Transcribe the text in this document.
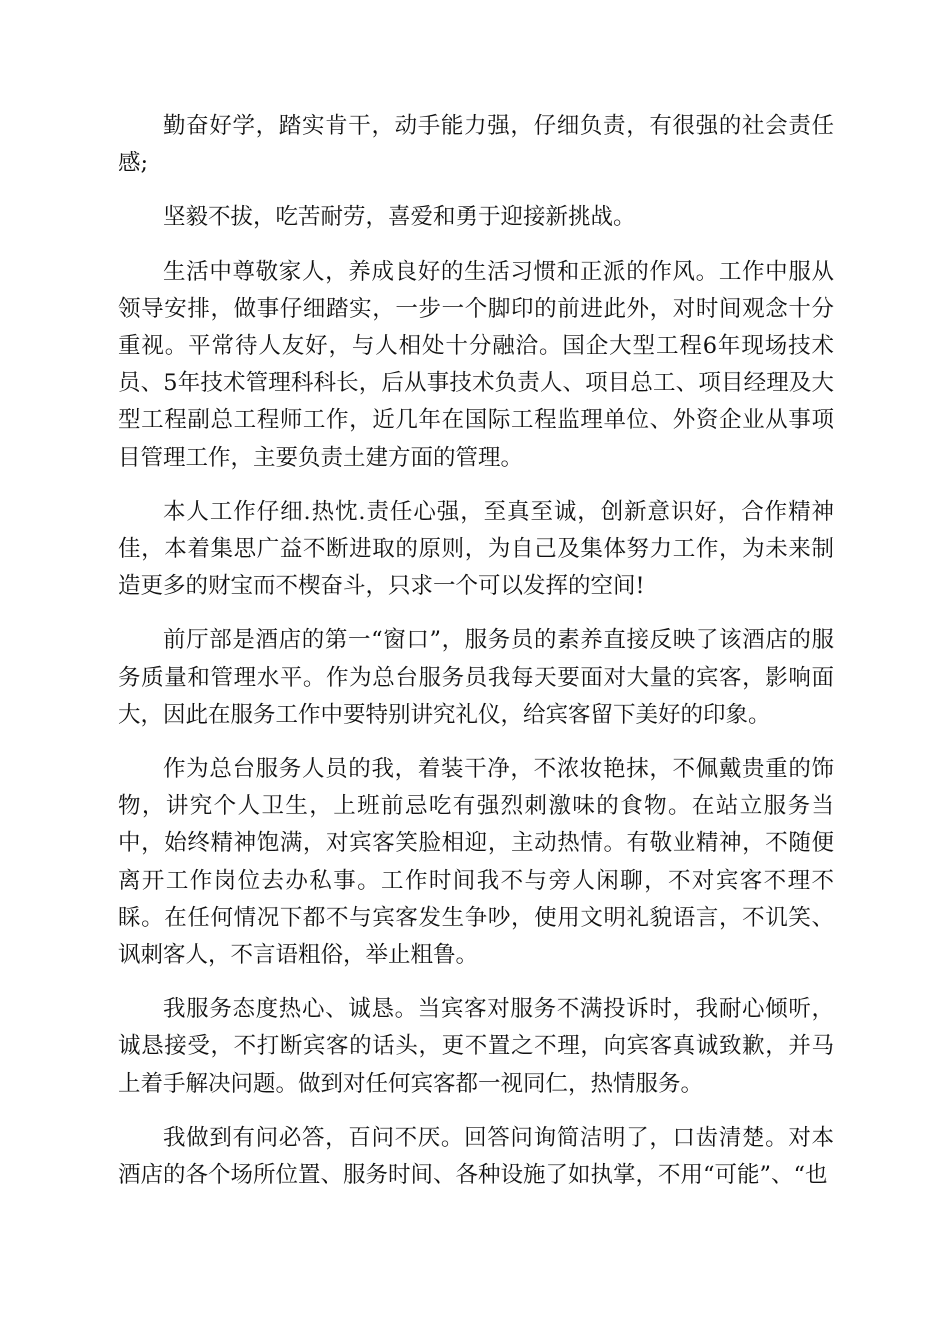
勤奋好学，踏实肯干，动手能力强，仔细负责，有很强的社会责任感;

坚毅不拔，吃苦耐劳，喜爱和勇于迎接新挑战。

生活中尊敬家人，养成良好的生活习惯和正派的作风。工作中服从领导安排，做事仔细踏实，一步一个脚印的前进此外，对时间观念十分重视。平常待人友好，与人相处十分融洽。国企大型工程6年现场技术员、5年技术管理科科长，后从事技术负责人、项目总工、项目经理及大型工程副总工程师工作，近几年在国际工程监理单位、外资企业从事项目管理工作，主要负责土建方面的管理。

本人工作仔细.热忱.责任心强，至真至诚，创新意识好，合作精神佳，本着集思广益不断进取的原则，为自己及集体努力工作，为未来制造更多的财宝而不楔奋斗，只求一个可以发挥的空间!

前厅部是酒店的第一“窗口”，服务员的素养直接反映了该酒店的服务质量和管理水平。作为总台服务员我每天要面对大量的宾客，影响面大，因此在服务工作中要特别讲究礼仪，给宾客留下美好的印象。

作为总台服务人员的我，着装干净，不浓妆艳抹，不佩戴贵重的饰物，讲究个人卫生，上班前忌吃有强烈刺激味的食物。在站立服务当中，始终精神饱满，对宾客笑脸相迎，主动热情。有敬业精神，不随便离开工作岗位去办私事。工作时间我不与旁人闲聊，不对宾客不理不睬。在任何情况下都不与宾客发生争吵，使用文明礼貌语言，不讥笑、讽刺客人，不言语粗俗，举止粗鲁。

我服务态度热心、诚恳。当宾客对服务不满投诉时，我耐心倾听，诚恳接受，不打断宾客的话头，更不置之不理，向宾客真诚致歉，并马上着手解决问题。做到对任何宾客都一视同仁，热情服务。

我做到有问必答，百问不厌。回答问询简洁明了，口齿清楚。对本酒店的各个场所位置、服务时间、各种设施了如执掌，不用“可能”、“也
